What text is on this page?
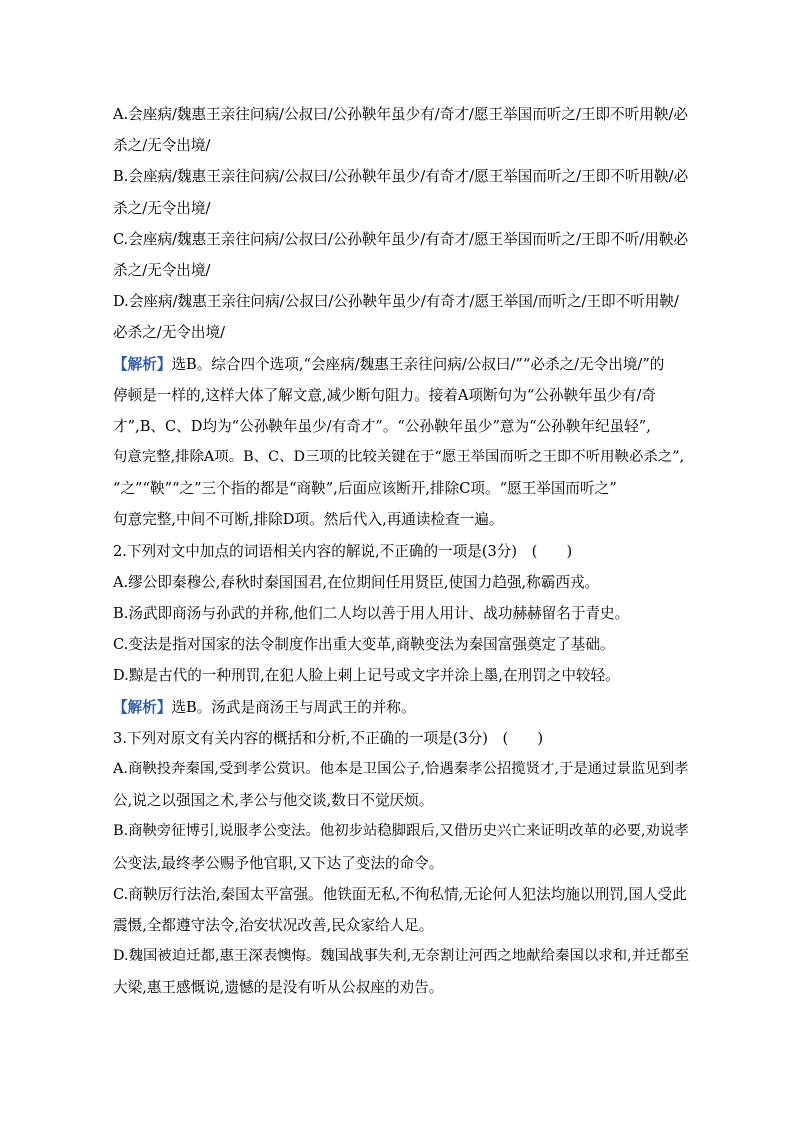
A.会座病/魏惠王亲往问病/公叔曰/公孙鞅年虽少有/奇才/愿王举国而听之/王即不听用鞅/必
杀之/无令出境/
B.会座病/魏惠王亲往问病/公叔曰/公孙鞅年虽少/有奇才/愿王举国而听之/王即不听用鞅/必
杀之/无令出境/
C.会座病/魏惠王亲往问病/公叔曰/公孙鞅年虽少/有奇才/愿王举国而听之/王即不听/用鞅必
杀之/无令出境/
D.会座病/魏惠王亲往问病/公叔曰/公孙鞅年虽少/有奇才/愿王举国/而听之/王即不听用鞅/
必杀之/无令出境/
【解析】选B。综合四个选项,“会座病/魏惠王亲往问病/公叔曰/”“必杀之/无令出境/”的
停顿是一样的,这样大体了解文意,减少断句阻力。接着A项断句为“公孙鞅年虽少有/奇
才”,B、C、D均为“公孙鞅年虽少/有奇才”。“公孙鞅年虽少”意为“公孙鞅年纪虽轻”,
句意完整,排除A项。B、C、D三项的比较关键在于“愿王举国而听之王即不听用鞅必杀之”,
“之”“鞅”“之”三个指的都是“商鞅”,后面应该断开,排除C项。“愿王举国而听之”
句意完整,中间不可断,排除D项。然后代入,再通读检查一遍。
2.下列对文中加点的词语相关内容的解说,不正确的一项是(3分)　(　　)
A.缪公即秦穆公,春秋时秦国国君,在位期间任用贤臣,使国力趋强,称霸西戎。
B.汤武即商汤与孙武的并称,他们二人均以善于用人用计、战功赫赫留名于青史。
C.变法是指对国家的法令制度作出重大变革,商鞅变法为秦国富强奠定了基础。
D.黥是古代的一种刑罚,在犯人脸上刺上记号或文字并涂上墨,在刑罚之中较轻。
【解析】选B。汤武是商汤王与周武王的并称。
3.下列对原文有关内容的概括和分析,不正确的一项是(3分)　(　　)
A.商鞅投奔秦国,受到孝公赏识。他本是卫国公子,恰遇秦孝公招揽贤才,于是通过景监见到孝
公,说之以强国之术,孝公与他交谈,数日不觉厌烦。
B.商鞅旁征博引,说服孝公变法。他初步站稳脚跟后,又借历史兴亡来证明改革的必要,劝说孝
公变法,最终孝公赐予他官职,又下达了变法的命令。
C.商鞅厉行法治,秦国太平富强。他铁面无私,不徇私情,无论何人犯法均施以刑罚,国人受此
震慑,全都遵守法令,治安状况改善,民众家给人足。
D.魏国被迫迁都,惠王深表懊悔。魏国战事失利,无奈割让河西之地献给秦国以求和,并迁都至
大梁,惠王感慨说,遗憾的是没有听从公叔座的劝告。
